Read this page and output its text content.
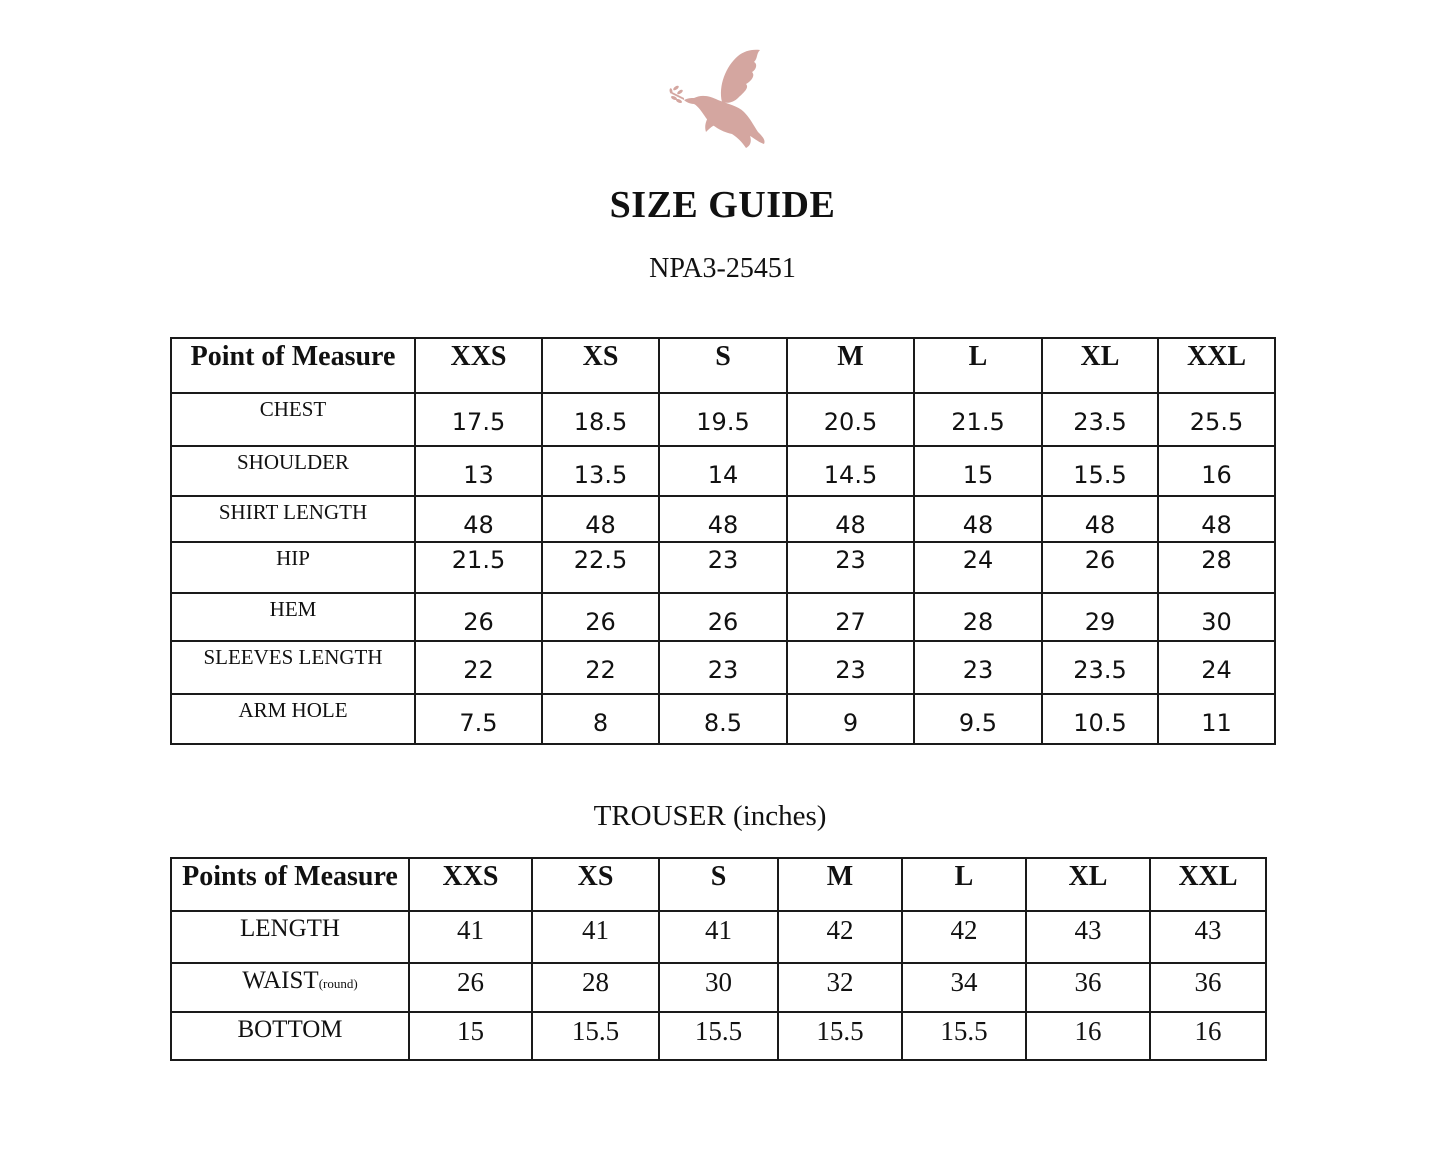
SIZE GUIDE
NPA3-25451
Point of Measure	XXS	XS	S	M	L	XL	XXL
CHEST	17.5	18.5	19.5	20.5	21.5	23.5	25.5
SHOULDER	13	13.5	14	14.5	15	15.5	16
SHIRT LENGTH	48	48	48	48	48	48	48
HIP	21.5	22.5	23	23	24	26	28
HEM	26	26	26	27	28	29	30
SLEEVES LENGTH	22	22	23	23	23	23.5	24
ARM HOLE	7.5	8	8.5	9	9.5	10.5	11
TROUSER (inches)
Points of Measure	XXS	XS	S	M	L	XL	XXL
LENGTH	41	41	41	42	42	43	43
WAIST(round)	26	28	30	32	34	36	36
BOTTOM	15	15.5	15.5	15.5	15.5	16	16
